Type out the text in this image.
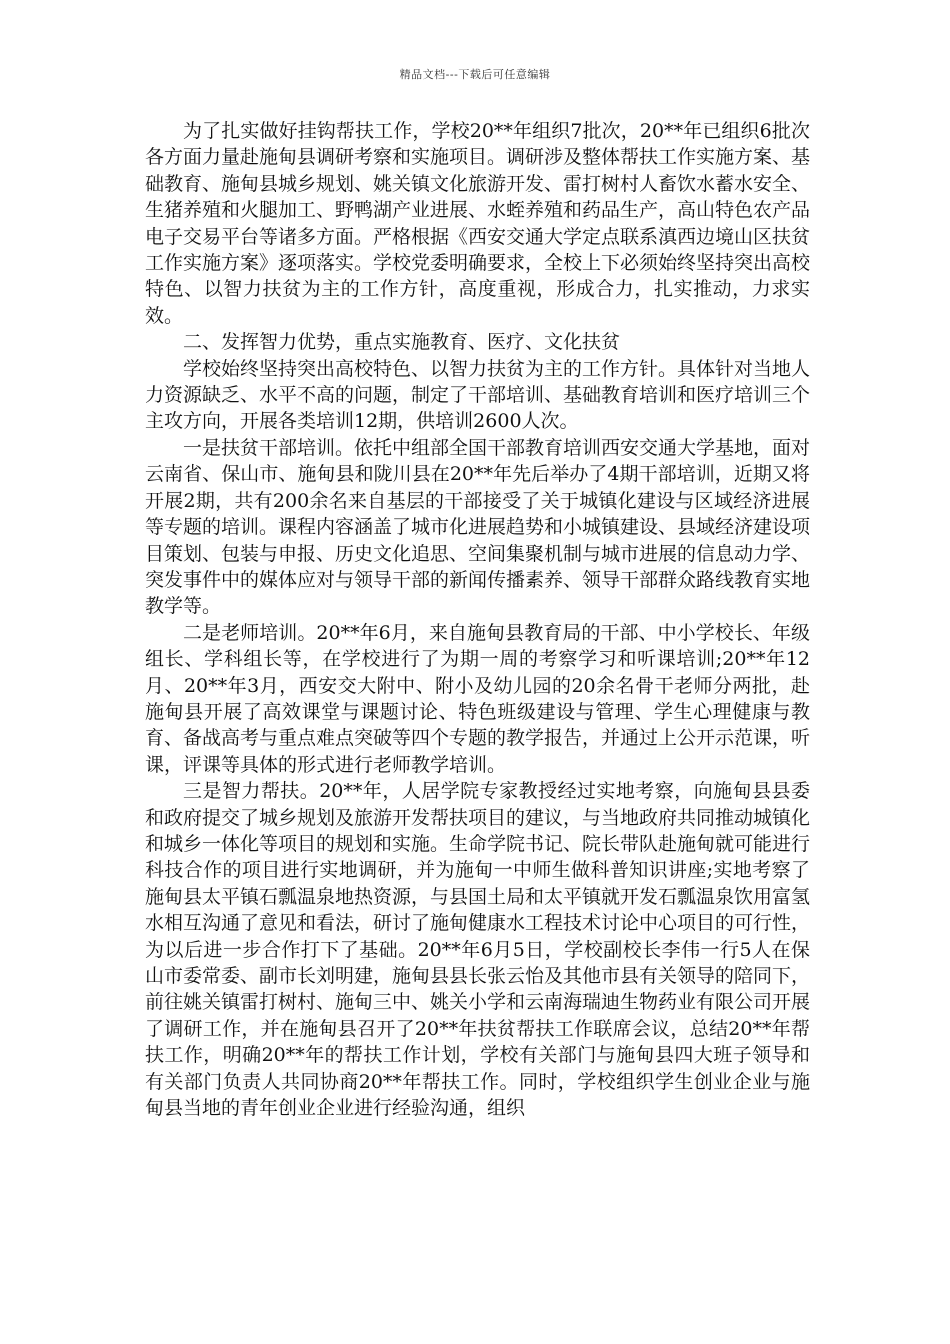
精品文档---下载后可任意编辑

为了扎实做好挂钩帮扶工作，学校20**年组织7批次，20**年已组织6批次各方面力量赴施甸县调研考察和实施项目。调研涉及整体帮扶工作实施方案、基础教育、施甸县城乡规划、姚关镇文化旅游开发、雷打树村人畜饮水蓄水安全、生猪养殖和火腿加工、野鸭湖产业进展、水蛭养殖和药品生产，高山特色农产品电子交易平台等诸多方面。严格根据《西安交通大学定点联系滇西边境山区扶贫工作实施方案》逐项落实。学校党委明确要求，全校上下必须始终坚持突出高校特色、以智力扶贫为主的工作方针，高度重视，形成合力，扎实推动，力求实效。

二、发挥智力优势，重点实施教育、医疗、文化扶贫

学校始终坚持突出高校特色、以智力扶贫为主的工作方针。具体针对当地人力资源缺乏、水平不高的问题，制定了干部培训、基础教育培训和医疗培训三个主攻方向，开展各类培训12期，供培训2600人次。

一是扶贫干部培训。依托中组部全国干部教育培训西安交通大学基地，面对云南省、保山市、施甸县和陇川县在20**年先后举办了4期干部培训，近期又将开展2期，共有200余名来自基层的干部接受了关于城镇化建设与区域经济进展等专题的培训。课程内容涵盖了城市化进展趋势和小城镇建设、县域经济建设项目策划、包装与申报、历史文化追思、空间集聚机制与城市进展的信息动力学、突发事件中的媒体应对与领导干部的新闻传播素养、领导干部群众路线教育实地教学等。

二是老师培训。20**年6月，来自施甸县教育局的干部、中小学校长、年级组长、学科组长等，在学校进行了为期一周的考察学习和听课培训;20**年12月、20**年3月，西安交大附中、附小及幼儿园的20余名骨干老师分两批，赴施甸县开展了高效课堂与课题讨论、特色班级建设与管理、学生心理健康与教育、备战高考与重点难点突破等四个专题的教学报告，并通过上公开示范课，听课，评课等具体的形式进行老师教学培训。

三是智力帮扶。20**年，人居学院专家教授经过实地考察，向施甸县县委和政府提交了城乡规划及旅游开发帮扶项目的建议，与当地政府共同推动城镇化和城乡一体化等项目的规划和实施。生命学院书记、院长带队赴施甸就可能进行科技合作的项目进行实地调研，并为施甸一中师生做科普知识讲座;实地考察了施甸县太平镇石瓢温泉地热资源，与县国土局和太平镇就开发石瓢温泉饮用富氢水相互沟通了意见和看法，研讨了施甸健康水工程技术讨论中心项目的可行性，为以后进一步合作打下了基础。20**年6月5日，学校副校长李伟一行5人在保山市委常委、副市长刘明建，施甸县县长张云怡及其他市县有关领导的陪同下，前往姚关镇雷打树村、施甸三中、姚关小学和云南海瑞迪生物药业有限公司开展了调研工作，并在施甸县召开了20**年扶贫帮扶工作联席会议，总结20**年帮扶工作，明确20**年的帮扶工作计划，学校有关部门与施甸县四大班子领导和有关部门负责人共同协商20**年帮扶工作。同时，学校组织学生创业企业与施甸县当地的青年创业企业进行经验沟通，组织
